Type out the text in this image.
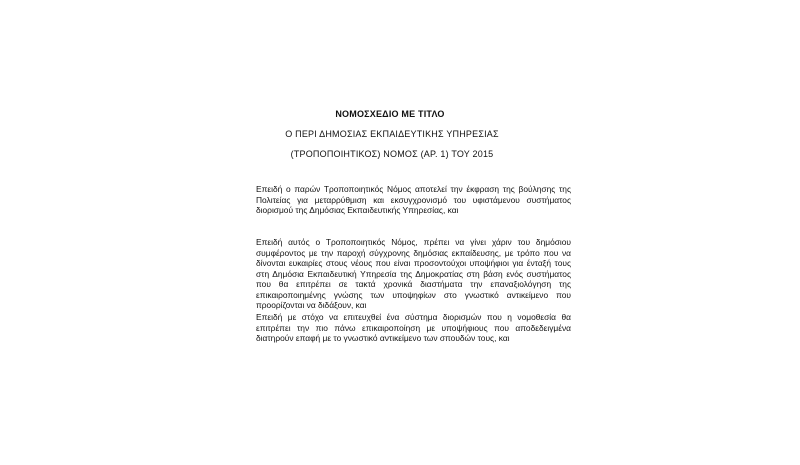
ΝΟΜΟΣΧΕΔΙΟ ΜΕ ΤΙΤΛΟ
Ο ΠΕΡΙ ΔΗΜΟΣΙΑΣ ΕΚΠΑΙΔΕΥΤΙΚΗΣ ΥΠΗΡΕΣΙΑΣ
(ΤΡΟΠΟΠΟΙΗΤΙΚΟΣ) ΝΟΜΟΣ (ΑΡ. 1) ΤΟΥ 2015

Επειδή ο παρών Τροποποιητικός Νόμος αποτελεί την έκφραση της βούλησης της Πολιτείας για μεταρρύθμιση και εκσυγχρονισμό του υφιστάμενου συστήματος διορισμού της Δημόσιας Εκπαιδευτικής Υπηρεσίας, και

Επειδή αυτός ο Τροποποιητικός Νόμος, πρέπει να γίνει χάριν του δημόσιου συμφέροντος με την παροχή σύγχρονης δημόσιας εκπαίδευσης, με τρόπο που να δίνονται ευκαιρίες στους νέους που είναι προσοντούχοι υποψήφιοι για ένταξή τους στη Δημόσια Εκπαιδευτική Υπηρεσία της Δημοκρατίας στη βάση ενός συστήματος που θα επιτρέπει σε τακτά χρονικά διαστήματα την επαναξιολόγηση της επικαιροποιημένης γνώσης των υποψηφίων στο γνωστικό αντικείμενο που προορίζονται να διδάξουν, και

Επειδή με στόχο να επιτευχθεί ένα σύστημα διορισμών που η νομοθεσία θα επιτρέπει την πιο πάνω επικαιροποίηση με υποψήφιους που αποδεδειγμένα διατηρούν επαφή με το γνωστικό αντικείμενο των σπουδών τους, και
